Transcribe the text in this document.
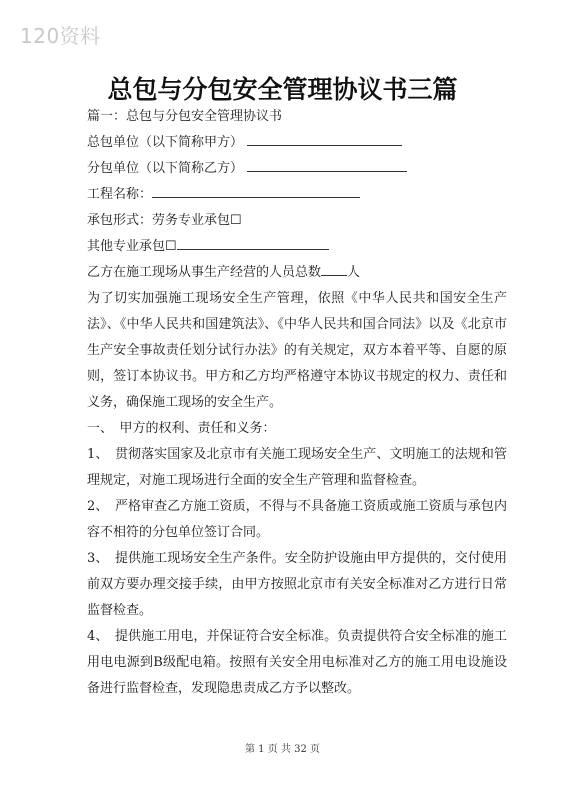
120资料
总包与分包安全管理协议书三篇
篇一：总包与分包安全管理协议书
总包单位（以下简称甲方）
分包单位（以下简称乙方）
工程名称：
承包形式：劳务专业承包☐
其他专业承包☐
乙方在施工现场从事生产经营的人员总数 人

为了切实加强施工现场安全生产管理，依照《中华人民共和国安全生产法》、《中华人民共和国建筑法》、《中华人民共和国合同法》以及《北京市生产安全事故责任划分试行办法》的有关规定，双方本着平等、自愿的原则，签订本协议书。甲方和乙方均严格遵守本协议书规定的权力、责任和义务，确保施工现场的安全生产。

一、　甲方的权利、责任和义务：

1、　贯彻落实国家及北京市有关施工现场安全生产、文明施工的法规和管理规定，对施工现场进行全面的安全生产管理和监督检查。

2、　严格审查乙方施工资质，不得与不具备施工资质或施工资质与承包内容不相符的分包单位签订合同。

3、　提供施工现场安全生产条件。安全防护设施由甲方提供的，交付使用前双方要办理交接手续，由甲方按照北京市有关安全标准对乙方进行日常监督检查。

4、　提供施工用电，并保证符合安全标准。负责提供符合安全标准的施工用电电源到B级配电箱。按照有关安全用电标准对乙方的施工用电设施设备进行监督检查，发现隐患责成乙方予以整改。

第 1 页 共 32 页
